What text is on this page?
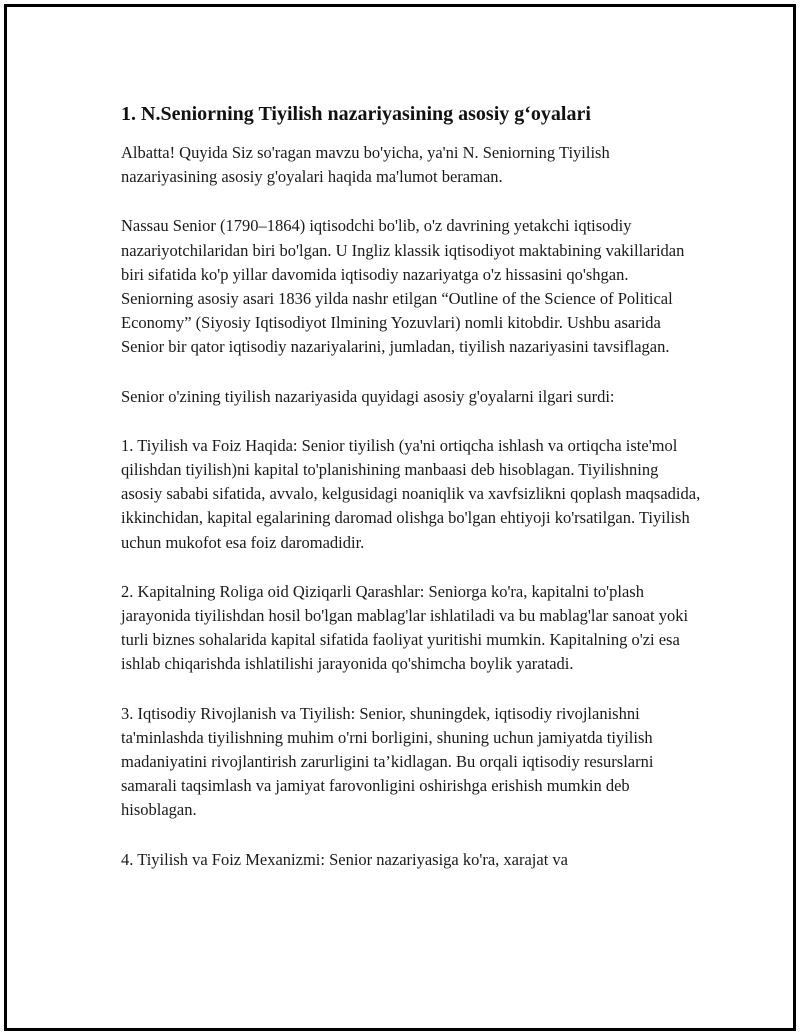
1. N.Seniorning Tiyilish nazariyasining asosiy g‘oyalari

Albatta! Quyida Siz so'ragan mavzu bo'yicha, ya'ni N. Seniorning Tiyilish nazariyasining asosiy g'oyalari haqida ma'lumot beraman.

Nassau Senior (1790–1864) iqtisodchi bo'lib, o'z davrining yetakchi iqtisodiy nazariyotchilaridan biri bo'lgan. U Ingliz klassik iqtisodiyot maktabining vakillaridan biri sifatida ko'p yillar davomida iqtisodiy nazariyatga o'z hissasini qo'shgan. Seniorning asosiy asari 1836 yilda nashr etilgan “Outline of the Science of Political Economy” (Siyosiy Iqtisodiyot Ilmining Yozuvlari) nomli kitobdir. Ushbu asarida Senior bir qator iqtisodiy nazariyalarini, jumladan, tiyilish nazariyasini tavsiflagan.

Senior o'zining tiyilish nazariyasida quyidagi asosiy g'oyalarni ilgari surdi:

1. Tiyilish va Foiz Haqida: Senior tiyilish (ya'ni ortiqcha ishlash va ortiqcha iste'mol qilishdan tiyilish)ni kapital to'planishining manbaasi deb hisoblagan. Tiyilishning asosiy sababi sifatida, avvalo, kelgusidagi noaniqlik va xavfsizlikni qoplash maqsadida, ikkinchidan, kapital egalarining daromad olishga bo'lgan ehtiyoji ko'rsatilgan. Tiyilish uchun mukofot esa foiz daromadidir.

2. Kapitalning Roliga oid Qiziqarli Qarashlar: Seniorga ko'ra, kapitalni to'plash jarayonida tiyilishdan hosil bo'lgan mablag'lar ishlatiladi va bu mablag'lar sanoat yoki turli biznes sohalarida kapital sifatida faoliyat yuritishi mumkin. Kapitalning o'zi esa ishlab chiqarishda ishlatilishi jarayonida qo'shimcha boylik yaratadi.

3. Iqtisodiy Rivojlanish va Tiyilish: Senior, shuningdek, iqtisodiy rivojlanishni ta'minlashda tiyilishning muhim o'rni borligini, shuning uchun jamiyatda tiyilish madaniyatini rivojlantirish zarurligini ta’kidlagan. Bu orqali iqtisodiy resurslarni samarali taqsimlash va jamiyat farovonligini oshirishga erishish mumkin deb hisoblagan.

4. Tiyilish va Foiz Mexanizmi: Senior nazariyasiga ko'ra, xarajat va
